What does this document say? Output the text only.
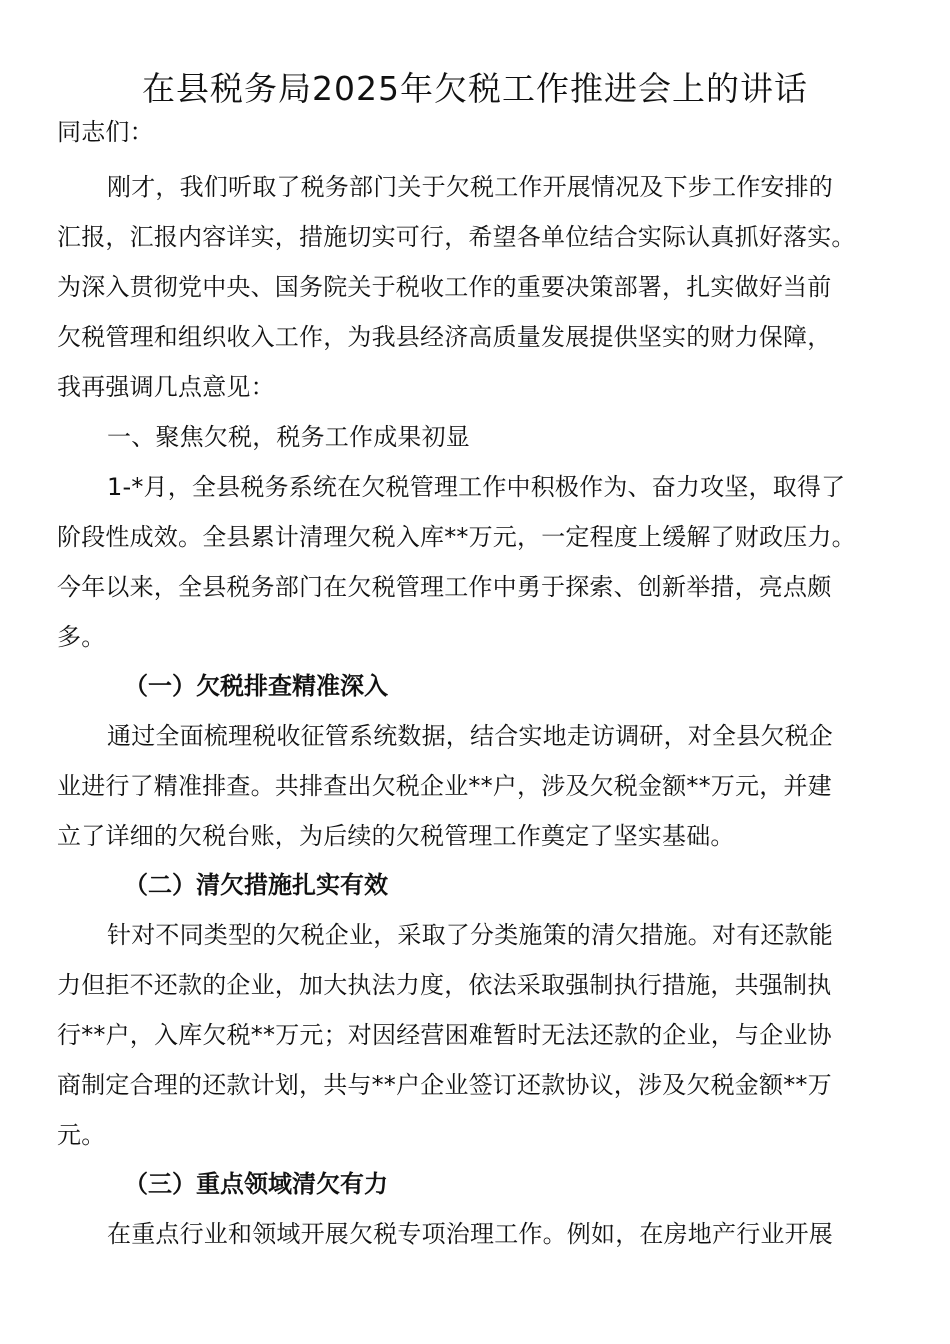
在县税务局2025年欠税工作推进会上的讲话
同志们：
刚才，我们听取了税务部门关于欠税工作开展情况及下步工作安排的
汇报，汇报内容详实，措施切实可行，希望各单位结合实际认真抓好落实。
为深入贯彻党中央、国务院关于税收工作的重要决策部署，扎实做好当前
欠税管理和组织收入工作，为我县经济高质量发展提供坚实的财力保障，
我再强调几点意见：
一、聚焦欠税，税务工作成果初显
1-*月，全县税务系统在欠税管理工作中积极作为、奋力攻坚，取得了
阶段性成效。全县累计清理欠税入库**万元，一定程度上缓解了财政压力。
今年以来，全县税务部门在欠税管理工作中勇于探索、创新举措，亮点颇
多。
（一）欠税排查精准深入
通过全面梳理税收征管系统数据，结合实地走访调研，对全县欠税企
业进行了精准排查。共排查出欠税企业**户，涉及欠税金额**万元，并建
立了详细的欠税台账，为后续的欠税管理工作奠定了坚实基础。
（二）清欠措施扎实有效
针对不同类型的欠税企业，采取了分类施策的清欠措施。对有还款能
力但拒不还款的企业，加大执法力度，依法采取强制执行措施，共强制执
行**户，入库欠税**万元；对因经营困难暂时无法还款的企业，与企业协
商制定合理的还款计划，共与**户企业签订还款协议，涉及欠税金额**万
元。
（三）重点领域清欠有力
在重点行业和领域开展欠税专项治理工作。例如，在房地产行业开展
